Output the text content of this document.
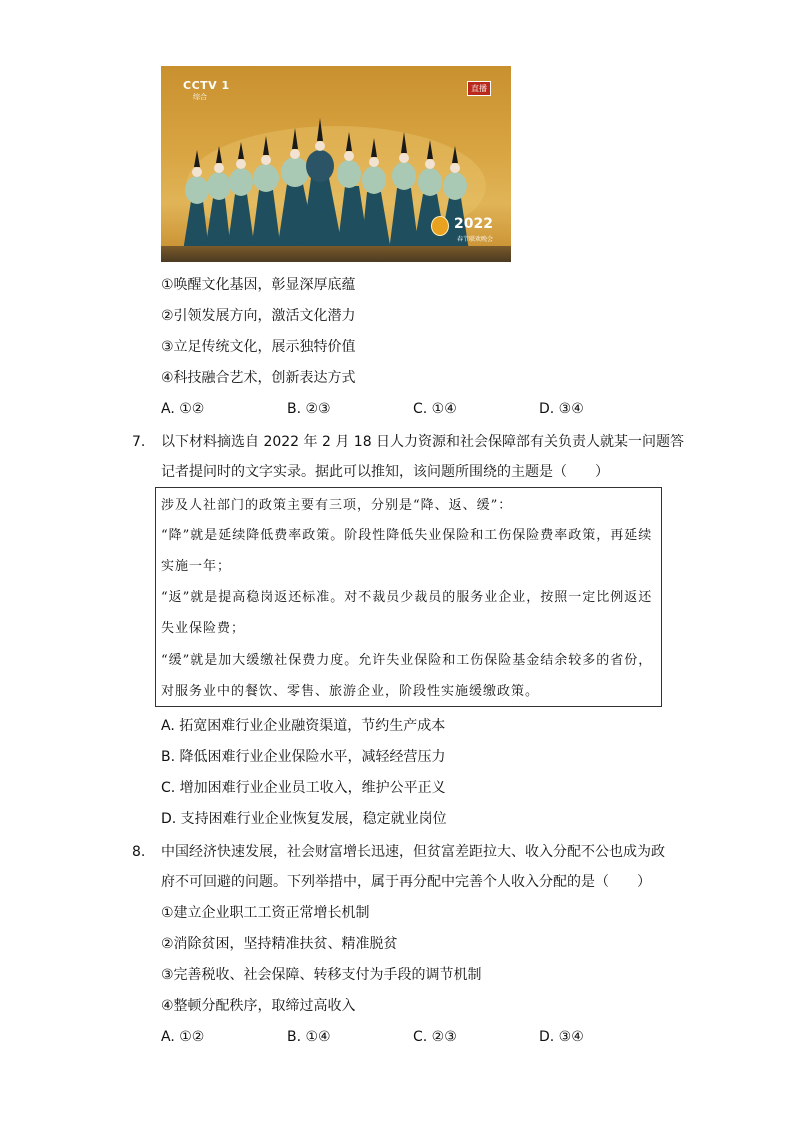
CCTV 1
综合
直播
2022
春节联欢晚会
①唤醒文化基因，彰显深厚底蕴
②引领发展方向，激活文化潜力
③立足传统文化，展示独特价值
④科技融合艺术，创新表达方式
A. ①②	B. ②③	C. ①④	D. ③④
7. 以下材料摘选自 2022 年 2 月 18 日人力资源和社会保障部有关负责人就某一问题答
记者提问时的文字实录。据此可以推知，该问题所围绕的主题是（　　）
涉及人社部门的政策主要有三项，分别是“降、返、缓”：
“降”就是延续降低费率政策。阶段性降低失业保险和工伤保险费率政策，再延续
实施一年；
“返”就是提高稳岗返还标准。对不裁员少裁员的服务业企业，按照一定比例返还
失业保险费；
“缓”就是加大缓缴社保费力度。允许失业保险和工伤保险基金结余较多的省份，
对服务业中的餐饮、零售、旅游企业，阶段性实施缓缴政策。
A. 拓宽困难行业企业融资渠道，节约生产成本
B. 降低困难行业企业保险水平，减轻经营压力
C. 增加困难行业企业员工收入，维护公平正义
D. 支持困难行业企业恢复发展，稳定就业岗位
8. 中国经济快速发展，社会财富增长迅速，但贫富差距拉大、收入分配不公也成为政
府不可回避的问题。下列举措中，属于再分配中完善个人收入分配的是（　　）
①建立企业职工工资正常增长机制
②消除贫困，坚持精准扶贫、精准脱贫
③完善税收、社会保障、转移支付为手段的调节机制
④整顿分配秩序，取缔过高收入
A. ①②	B. ①④	C. ②③	D. ③④
